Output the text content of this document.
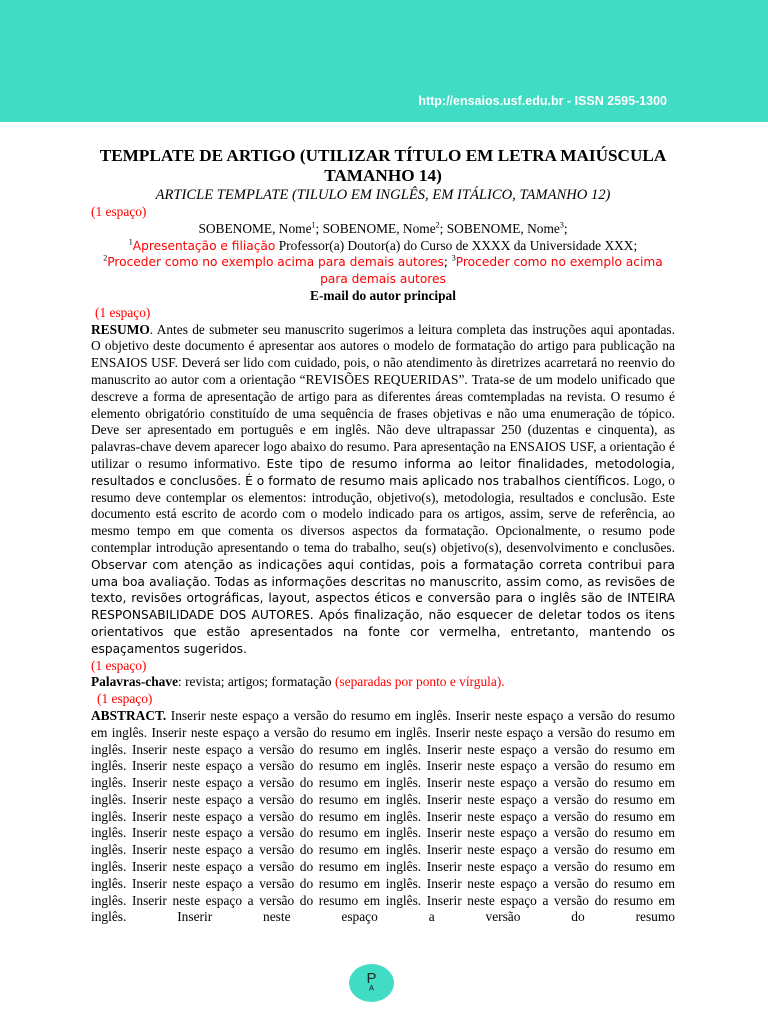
http://ensaios.usf.edu.br - ISSN 2595-1300

TEMPLATE DE ARTIGO (UTILIZAR TÍTULO EM LETRA MAIÚSCULA TAMANHO 14)

ARTICLE TEMPLATE (TILULO EM INGLÊS, EM ITÁLICO, TAMANHO 12)

(1 espaço)

SOBENOME, Nome$^1$; SOBENOME, Nome$^2$; SOBENOME, Nome$^3$;

$^1$Apresentação e filiação Professor(a) Doutor(a) do Curso de XXXX da Universidade XXX;

$^2$Proceder como no exemplo acima para demais autores; $^3$Proceder como no exemplo acima para demais autores

E-mail do autor principal

(1 espaço)

RESUMO. Antes de submeter seu manuscrito sugerimos a leitura completa das instruções aqui apontadas. O objetivo deste documento é apresentar aos autores o modelo de formatação do artigo para publicação na ENSAIOS USF. Deverá ser lido com cuidado, pois, o não atendimento às diretrizes acarretará no reenvio do manuscrito ao autor com a orientação “REVISÕES REQUERIDAS”. Trata-se de um modelo unificado que descreve a forma de apresentação de artigo para as diferentes áreas comtempladas na revista. O resumo é elemento obrigatório constituído de uma sequência de frases objetivas e não uma enumeração de tópico. Deve ser apresentado em português e em inglês. Não deve ultrapassar 250 (duzentas e cinquenta), as palavras-chave devem aparecer logo abaixo do resumo. Para apresentação na ENSAIOS USF, a orientação é utilizar o resumo informativo. Este tipo de resumo informa ao leitor finalidades, metodologia, resultados e conclusões. É o formato de resumo mais aplicado nos trabalhos científicos. Logo, o resumo deve contemplar os elementos: introdução, objetivo(s), metodologia, resultados e conclusão. Este documento está escrito de acordo com o modelo indicado para os artigos, assim, serve de referência, ao mesmo tempo em que comenta os diversos aspectos da formatação. Opcionalmente, o resumo pode contemplar introdução apresentando o tema do trabalho, seu(s) objetivo(s), desenvolvimento e conclusões. Observar com atenção as indicações aqui contidas, pois a formatação correta contribui para uma boa avaliação. Todas as informações descritas no manuscrito, assim como, as revisões de texto, revisões ortográficas, layout, aspectos éticos e conversão para o inglês são de INTEIRA RESPONSABILIDADE DOS AUTORES. Após finalização, não esquecer de deletar todos os itens orientativos que estão apresentados na fonte cor vermelha, entretanto, mantendo os espaçamentos sugeridos.

(1 espaço)

Palavras-chave: revista; artigos; formatação (separadas por ponto e vírgula).

(1 espaço)

ABSTRACT. Inserir neste espaço a versão do resumo em inglês. Inserir neste espaço a versão do resumo em inglês. Inserir neste espaço a versão do resumo em inglês. Inserir neste espaço a versão do resumo em inglês. Inserir neste espaço a versão do resumo em inglês. Inserir neste espaço a versão do resumo em inglês. Inserir neste espaço a versão do resumo em inglês. Inserir neste espaço a versão do resumo em inglês. Inserir neste espaço a versão do resumo em inglês. Inserir neste espaço a versão do resumo em inglês. Inserir neste espaço a versão do resumo em inglês. Inserir neste espaço a versão do resumo em inglês. Inserir neste espaço a versão do resumo em inglês. Inserir neste espaço a versão do resumo em inglês. Inserir neste espaço a versão do resumo em inglês. Inserir neste espaço a versão do resumo em inglês. Inserir neste espaço a versão do resumo em inglês. Inserir neste espaço a versão do resumo em inglês. Inserir neste espaço a versão do resumo em inglês. Inserir neste espaço a versão do resumo em inglês. Inserir neste espaço a versão do resumo em inglês. Inserir neste espaço a versão do resumo em inglês. Inserir neste espaço a versão do resumo em inglês. Inserir neste espaço a versão do resumo em inglês. Inserir neste espaço a versão do resumo

P
ᴬ
